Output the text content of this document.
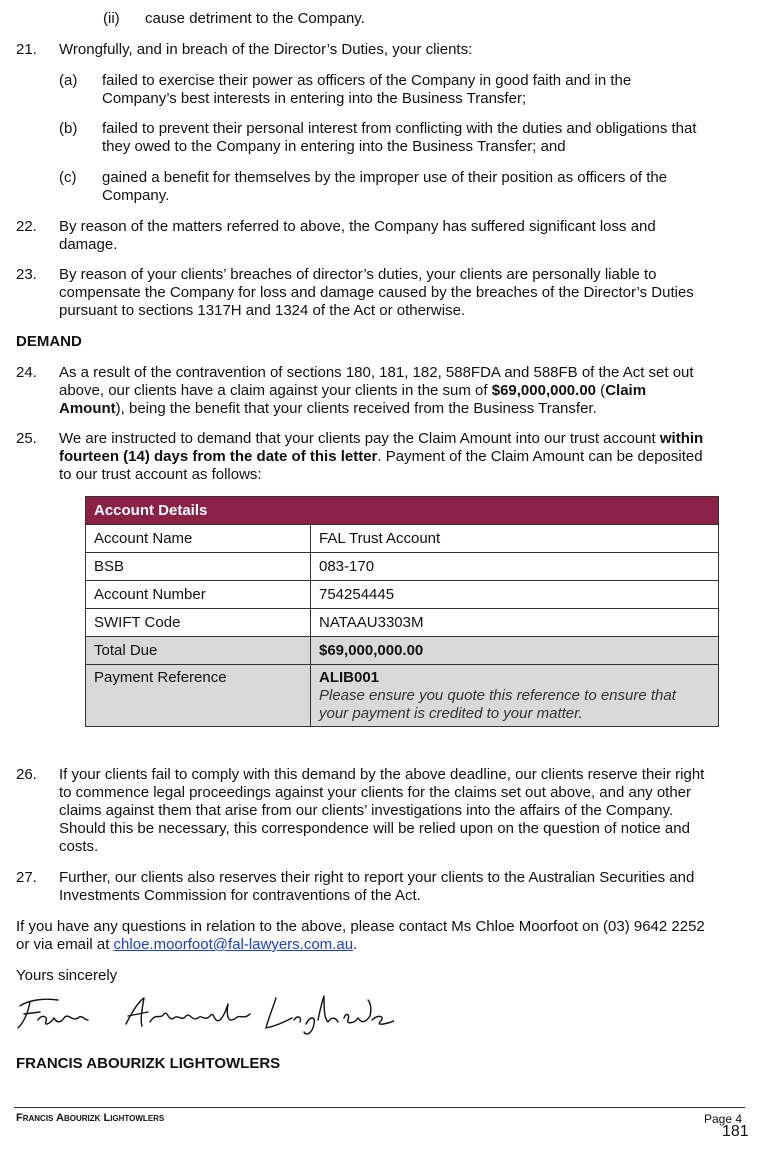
(ii) cause detriment to the Company.
21. Wrongfully, and in breach of the Director’s Duties, your clients:
(a) failed to exercise their power as officers of the Company in good faith and in the
Company’s best interests in entering into the Business Transfer;
(b) failed to prevent their personal interest from conflicting with the duties and obligations that
they owed to the Company in entering into the Business Transfer; and
(c) gained a benefit for themselves by the improper use of their position as officers of the
Company.
22. By reason of the matters referred to above, the Company has suffered significant loss and
damage.
23. By reason of your clients’ breaches of director’s duties, your clients are personally liable to
compensate the Company for loss and damage caused by the breaches of the Director’s Duties
pursuant to sections 1317H and 1324 of the Act or otherwise.
DEMAND
24. As a result of the contravention of sections 180, 181, 182, 588FDA and 588FB of the Act set out
above, our clients have a claim against your clients in the sum of $69,000,000.00 (Claim
Amount), being the benefit that your clients received from the Business Transfer.
25. We are instructed to demand that your clients pay the Claim Amount into our trust account within
fourteen (14) days from the date of this letter. Payment of the Claim Amount can be deposited
to our trust account as follows:
Account Details	
Account Name	FAL Trust Account
BSB	083-170
Account Number	754254445
SWIFT Code	NATAAU3303M
Total Due	$69,000,000.00
Payment Reference	ALIB001
Please ensure you quote this reference to ensure that
your payment is credited to your matter.
26. If your clients fail to comply with this demand by the above deadline, our clients reserve their right
to commence legal proceedings against your clients for the claims set out above, and any other
claims against them that arise from our clients’ investigations into the affairs of the Company.
Should this be necessary, this correspondence will be relied upon on the question of notice and
costs.
27. Further, our clients also reserves their right to report your clients to the Australian Securities and
Investments Commission for contraventions of the Act.
If you have any questions in relation to the above, please contact Ms Chloe Moorfoot on (03) 9642 2252
or via email at chloe.moorfoot@fal-lawyers.com.au.
Yours sincerely
FRANCIS ABOURIZK LIGHTOWLERS
Francis Abourizk Lightowlers	Page 4
181
